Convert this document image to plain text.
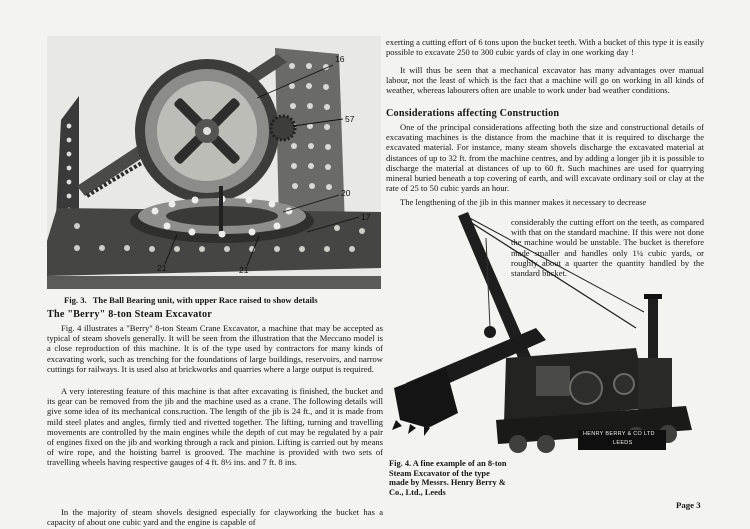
16
57
20
17
21	21
Fig. 3. The Ball Bearing unit, with upper Race raised to show details
The "Berry" 8-ton Steam Excavator

Fig. 4 illustrates a "Berry" 8-ton Steam Crane Excavator, a machine that may be accepted as typical of steam shovels generally. It will be seen from the illustration that the Meccano model is a close reproduction of this machine. It is of the type used by contractors for many kinds of excavating work, such as trenching for the foundations of large buildings, reservoirs, and narrow cuttings for railways. It is used also at brickworks and quarries where a large output is required.

A very interesting feature of this machine is that after excavating is finished, the bucket and its gear can be removed from the jib and the machine used as a crane. The following details will give some idea of its mechanical cons.ruction. The length of the jib is 24 ft., and it is made from mild steel plates and angles, firmly tied and rivetted together. The lifting, turning and travelling movements are controlled by the main engines while the depth of cut may be regulated by a pair of engines fixed on the jib and working through a rack and pinion. Lifting is carried out by means of wire rope, and the hoisting barrel is grooved. The machine is provided with two sets of travelling wheels having respective gauges of 4 ft. 8½ ins. and 7 ft. 8 ins.

In the majority of steam shovels designed especially for clayworking the bucket has a capacity of about one cubic yard and the engine is capable of

exerting a cutting effort of 6 tons upon the bucket teeth. With a bucket of this type it is easily possible to excavate 250 to 300 cubic yards of clay in one working day !

It will thus be seen that a mechanical excavator has many advantages over manual labour, not the least of which is the fact that a machine will go on working in all kinds of weather, whereas labourers often are unable to work under bad weather conditions.

Considerations affecting Construction

One of the principal considerations affecting both the size and constructional details of excavating machines is the distance from the machine that it is required to discharge the excavated material. For instance, many steam shovels discharge the excavated material at distances of up to 32 ft. from the machine centres, and by adding a longer jib it is possible to discharge the material at distances of up to 60 ft. Such machines are used for quarrying mineral buried beneath a top covering of earth, and will excavate ordinary soil or clay at the rate of 25 to 50 cubic yards an hour.

HENRY BERRY & CO LTD
LEEDS

The lengthening of the jib in this manner makes it necessary to decrease

considerably the cutting effort on the teeth, as compared with that on the standard machine. If this were not done the machine would be unstable. The bucket is therefore made smaller and handles only 1¼ cubic yards, or roughly about a quarter the quantity handled by the standard bucket.

Fig. 4. A fine example of an 8-ton Steam Excavator of the type made by Messrs. Henry Berry & Co., Ltd., Leeds
Page 3
